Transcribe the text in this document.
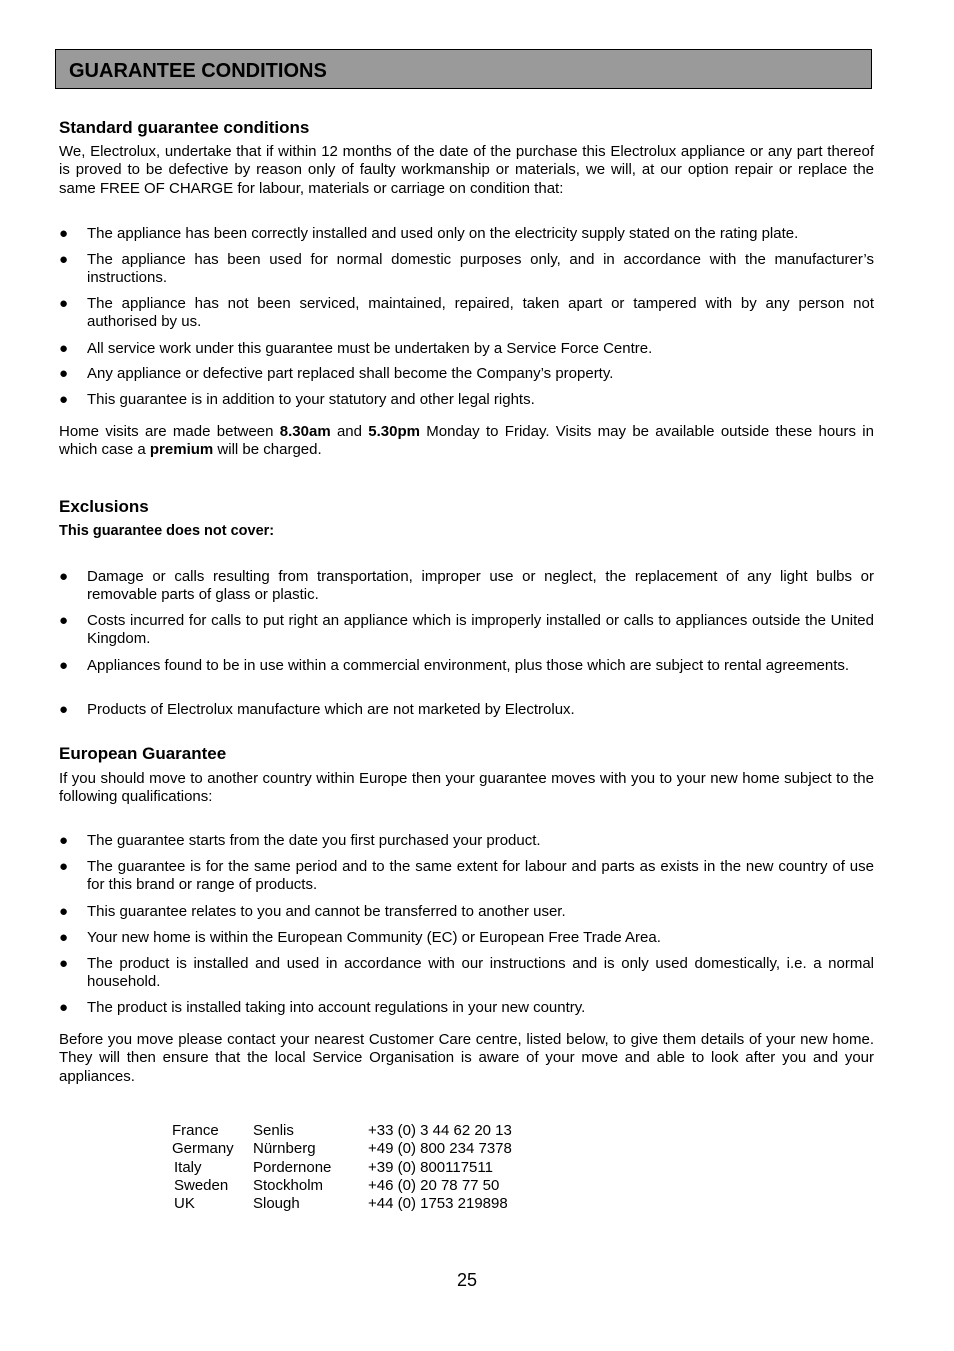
GUARANTEE CONDITIONS
Standard guarantee conditions
We, Electrolux, undertake that if within 12 months of the date of the purchase this Electrolux appliance or any part thereof is proved to be defective by reason only of faulty workmanship or materials, we will, at our option repair or replace the same FREE OF CHARGE for labour, materials or carriage on condition that:
●	The appliance has been correctly installed and used only on the electricity supply stated on the rating plate.
●	The appliance has been used for normal domestic purposes only, and in accordance with the manufacturer’s instructions.
●	The appliance has not been serviced, maintained, repaired, taken apart or tampered with by any person not authorised by us.
●	All service work under this guarantee must be undertaken by a Service Force Centre.
●	Any appliance or defective part replaced shall become the Company’s property.
●	This guarantee is in addition to your statutory and other legal rights.
Home visits are made between 8.30am and 5.30pm Monday to Friday. Visits may be available outside these hours in which case a premium will be charged.
Exclusions
This guarantee does not cover:
●	Damage or calls resulting from transportation, improper use or neglect, the replacement of any light bulbs or removable parts of glass or plastic.
●	Costs incurred for calls to put right an appliance which is improperly installed or calls to appliances outside the United Kingdom.
●	Appliances found to be in use within a commercial environment, plus those which are subject to rental agreements.
●	Products of Electrolux manufacture which are not marketed by Electrolux.
European Guarantee
If you should move to another country within Europe then your guarantee moves with you to your new home subject to the following qualifications:
●	The guarantee starts from the date you first purchased your product.
●	The guarantee is for the same period and to the same extent for labour and parts as exists in the new country of use for this brand or range of products.
●	This guarantee relates to you and cannot be transferred to another user.
●	Your new home is within the European Community (EC) or European Free Trade Area.
●	The product is installed and used in accordance with our instructions and is only used domestically, i.e. a normal household.
●	The product is installed taking into account regulations in your new country.
Before you move please contact your nearest Customer Care centre, listed below, to give them details of your new home. They will then ensure that the local Service Organisation is aware of your move and able to look after you and your appliances.
France Senlis	+33 (0) 3 44 62 20 13
Germany Nürnberg	+49 (0) 800 234 7378
Italy	Pordernone +39 (0) 800117511
Sweden Stockholm	+46 (0) 20 78 77 50
UK	Slough	+44 (0) 1753 219898
25
